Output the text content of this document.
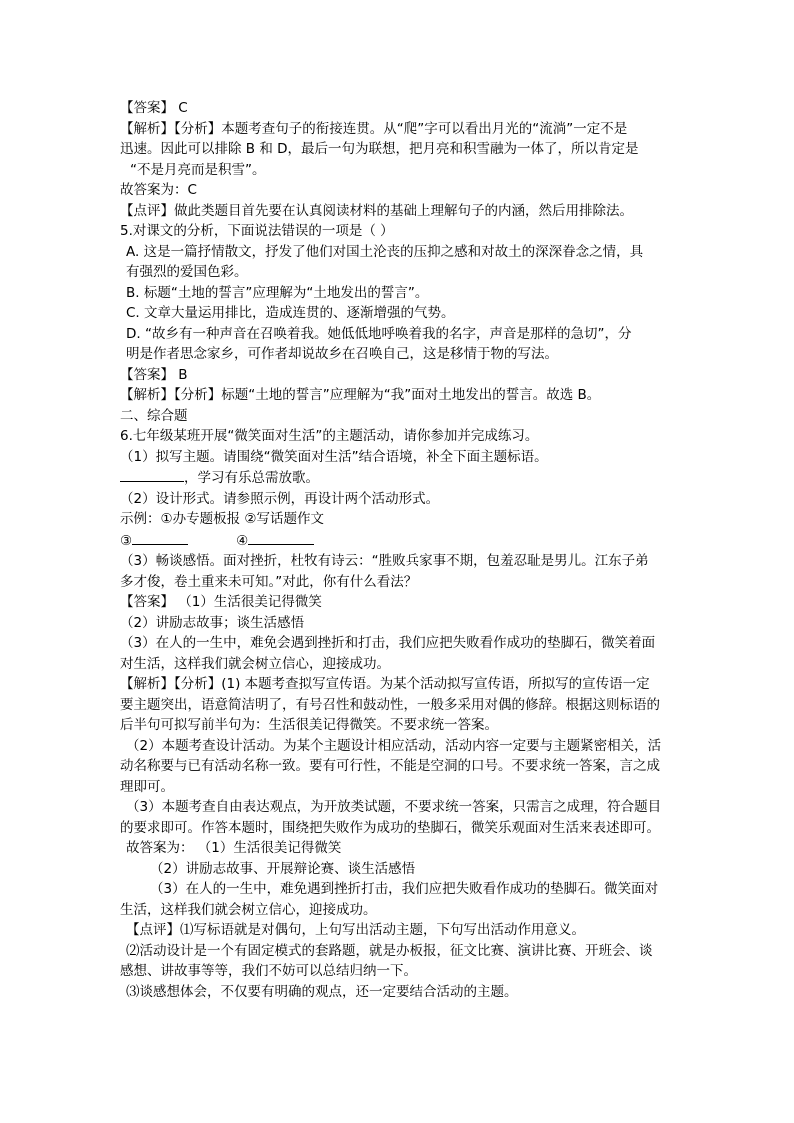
【答案】 C
【解析】【分析】本题考查句子的衔接连贯。从“爬”字可以看出月光的“流淌”一定不是
迅速。因此可以排除 B 和 D，最后一句为联想，把月亮和积雪融为一体了，所以肯定是
“不是月亮而是积雪”。
故答案为：C
【点评】做此类题目首先要在认真阅读材料的基础上理解句子的内涵，然后用排除法。
5.对课文的分析，下面说法错误的一项是（ ）
A. 这是一篇抒情散文，抒发了他们对国土沦丧的压抑之感和对故土的深深眷念之情，具
有强烈的爱国色彩。
B. 标题“土地的誓言”应理解为“土地发出的誓言”。
C. 文章大量运用排比，造成连贯的、逐渐增强的气势。
D. “故乡有一种声音在召唤着我。她低低地呼唤着我的名字，声音是那样的急切”，分
明是作者思念家乡，可作者却说故乡在召唤自己，这是移情于物的写法。
【答案】 B
【解析】【分析】标题“土地的誓言”应理解为“我”面对土地发出的誓言。故选 B。
二、综合题
6.七年级某班开展“微笑面对生活”的主题活动，请你参加并完成练习。
（1）拟写主题。请围绕“微笑面对生活”结合语境，补全下面主题标语。
，学习有乐总需放歌。
（2）设计形式。请参照示例，再设计两个活动形式。
示例：①办专题板报 ②写话题作文
③	④
（3）畅谈感悟。面对挫折，杜牧有诗云：“胜败兵家事不期，包羞忍耻是男儿。江东子弟
多才俊，卷土重来未可知。”对此，你有什么看法？
【答案】 （1）生活很美记得微笑
（2）讲励志故事；谈生活感悟
（3）在人的一生中，难免会遇到挫折和打击，我们应把失败看作成功的垫脚石，微笑着面
对生活，这样我们就会树立信心，迎接成功。
【解析】【分析】(1) 本题考查拟写宣传语。为某个活动拟写宣传语，所拟写的宣传语一定
要主题突出，语意简洁明了，有号召性和鼓动性，一般多采用对偶的修辞。根据这则标语的
后半句可拟写前半句为：生活很美记得微笑。不要求统一答案。
（2）本题考查设计活动。为某个主题设计相应活动，活动内容一定要与主题紧密相关，活
动名称要与已有活动名称一致。要有可行性，不能是空洞的口号。不要求统一答案，言之成
理即可。
（3）本题考查自由表达观点，为开放类试题，不要求统一答案，只需言之成理，符合题目
的要求即可。作答本题时，围绕把失败作为成功的垫脚石，微笑乐观面对生活来表述即可。
故答案为： （1）生活很美记得微笑
（2）讲励志故事、开展辩论赛、谈生活感悟
（3）在人的一生中，难免遇到挫折打击，我们应把失败看作成功的垫脚石。微笑面对
生活，这样我们就会树立信心，迎接成功。
【点评】⑴写标语就是对偶句，上句写出活动主题，下句写出活动作用意义。
⑵活动设计是一个有固定模式的套路题，就是办板报，征文比赛、演讲比赛、开班会、谈
感想、讲故事等等，我们不妨可以总结归纳一下。
⑶谈感想体会，不仅要有明确的观点，还一定要结合活动的主题。
